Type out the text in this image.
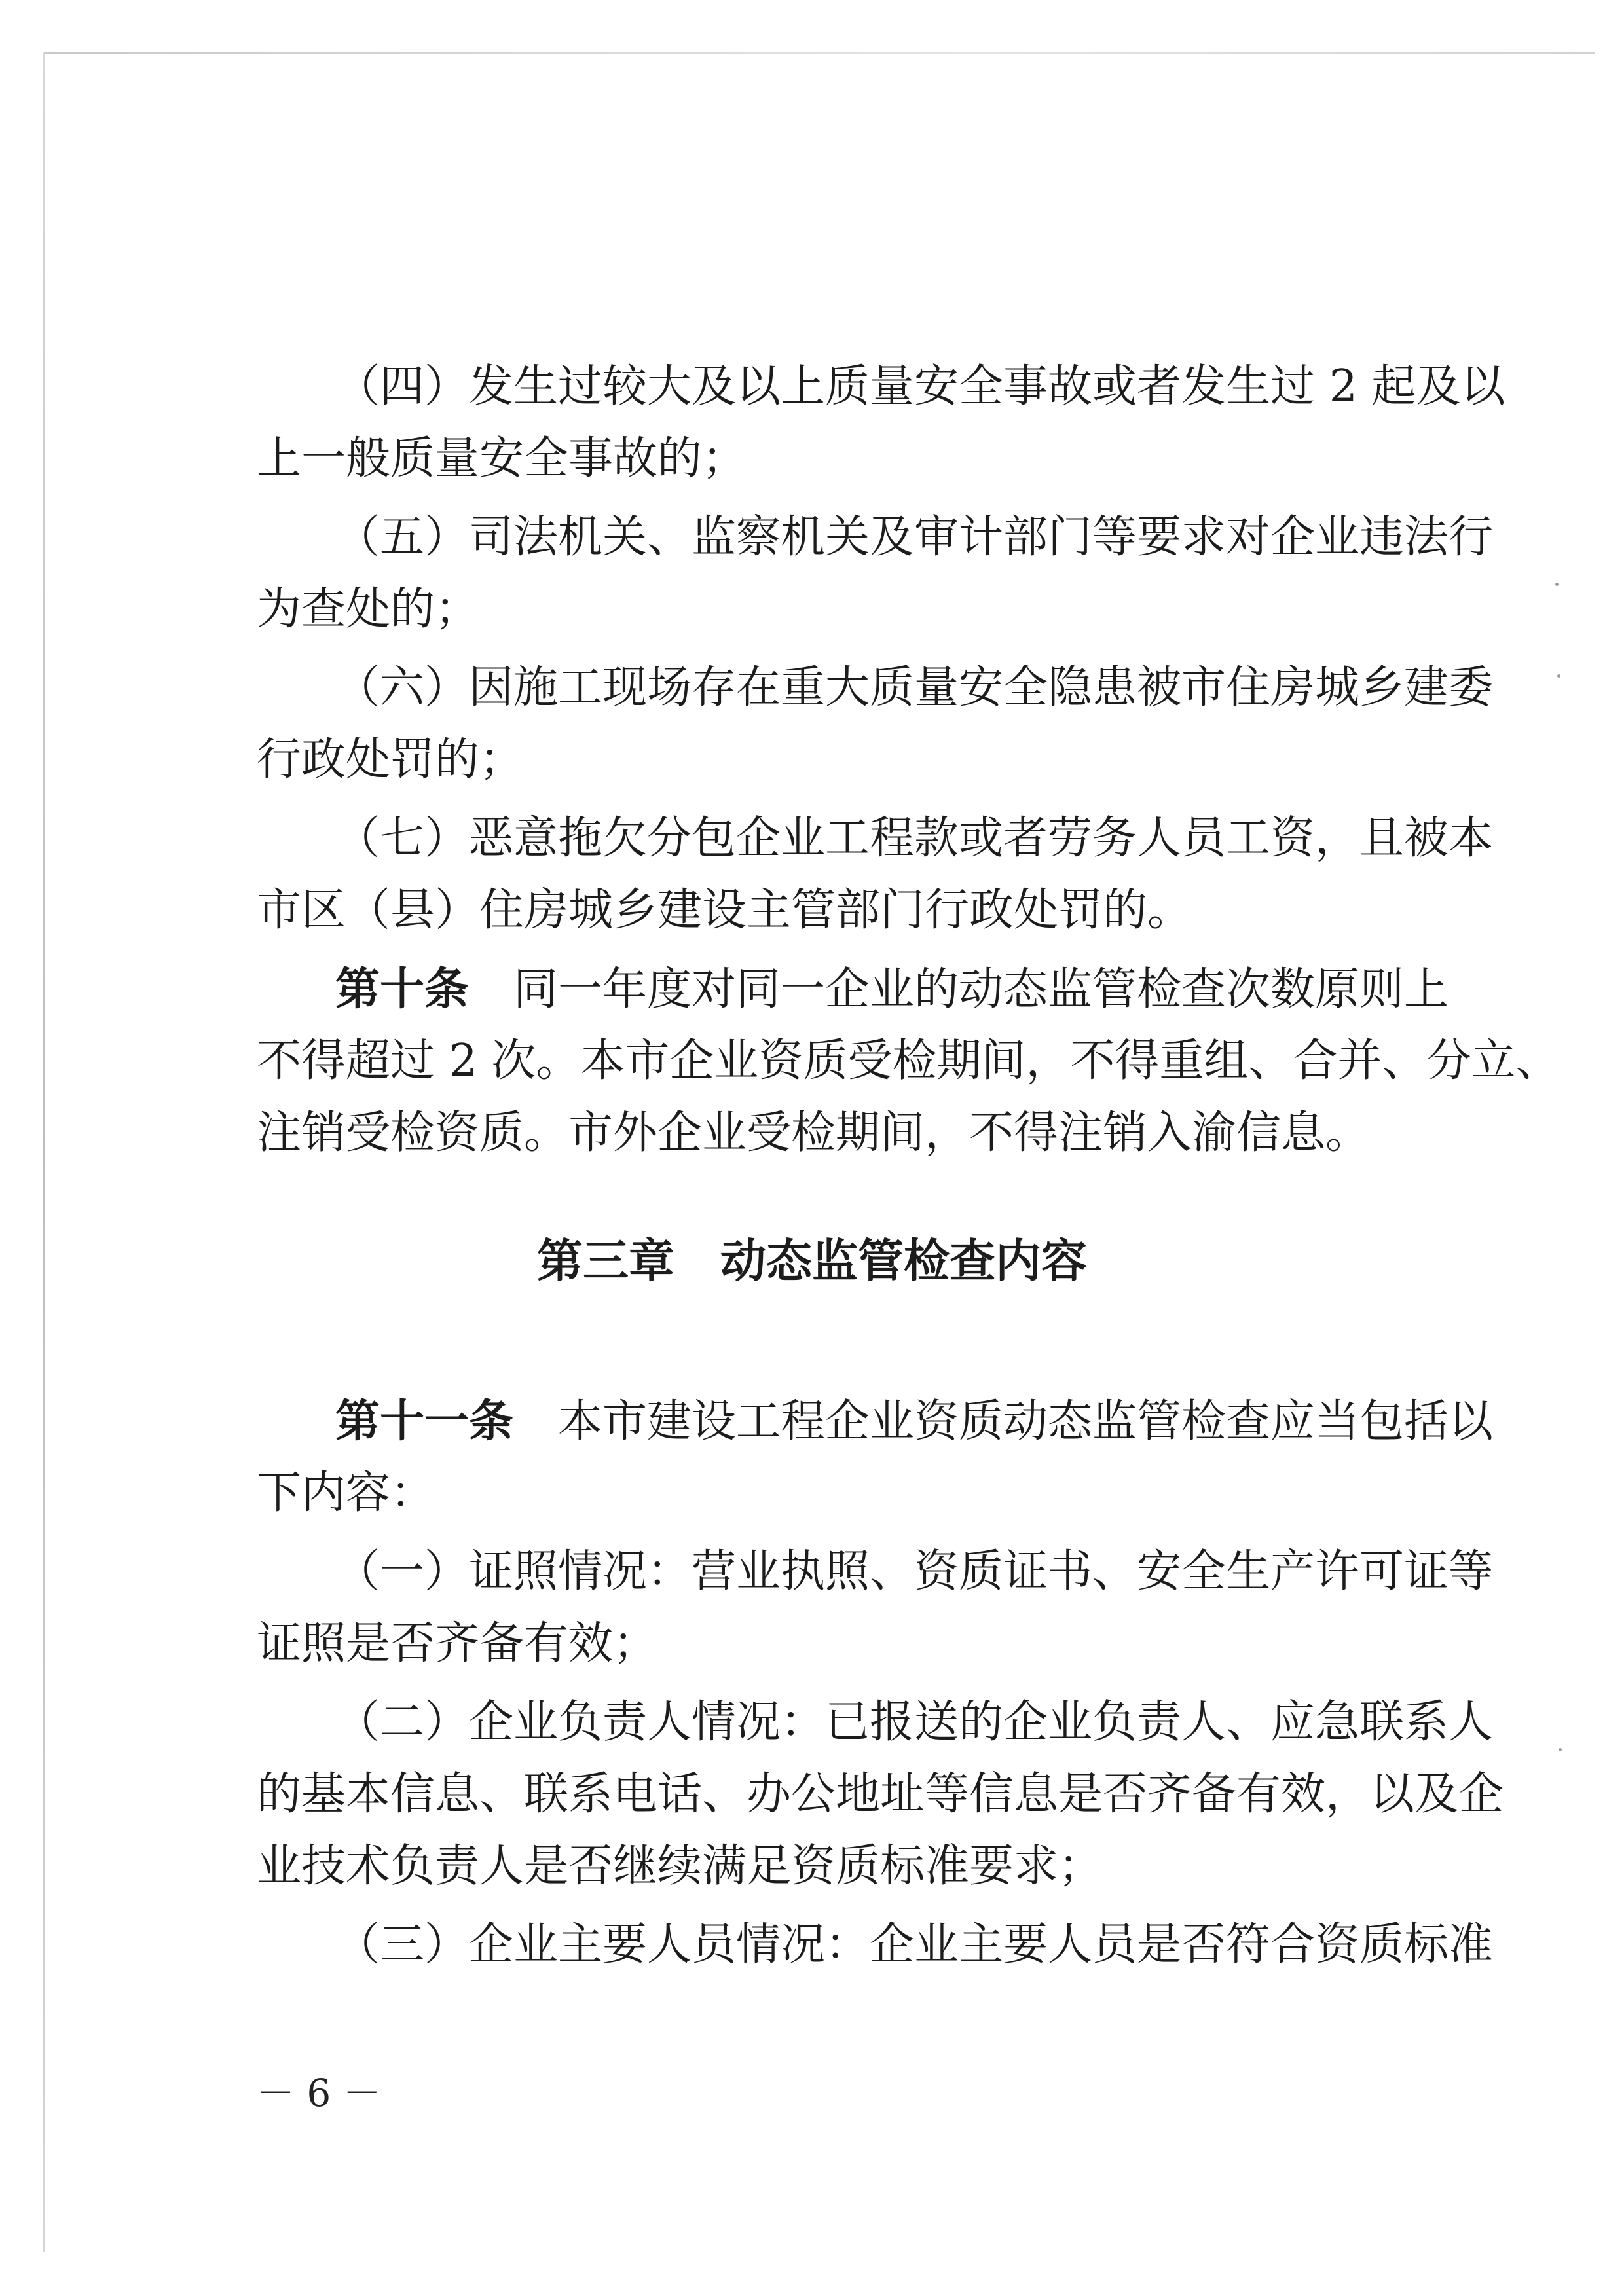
（四）发生过较大及以上质量安全事故或者发生过 2 起及以

上一般质量安全事故的；

（五）司法机关、监察机关及审计部门等要求对企业违法行

为查处的；

（六）因施工现场存在重大质量安全隐患被市住房城乡建委

行政处罚的；

（七）恶意拖欠分包企业工程款或者劳务人员工资，且被本

市区（县）住房城乡建设主管部门行政处罚的。

第十条　 同一年度对同一企业的动态监管检查次数原则上

不得超过 2 次。本市企业资质受检期间，不得重组、合并、分立、

注销受检资质。市外企业受检期间，不得注销入渝信息。

第三章　动态监管检查内容

第十一条　 本市建设工程企业资质动态监管检查应当包括以

下内容：

（一）证照情况：营业执照、资质证书、安全生产许可证等

证照是否齐备有效；

（二）企业负责人情况：已报送的企业负责人、应急联系人

的基本信息、联系电话、办公地址等信息是否齐备有效，以及企

业技术负责人是否继续满足资质标准要求；

（三）企业主要人员情况：企业主要人员是否符合资质标准

－ 6 －
